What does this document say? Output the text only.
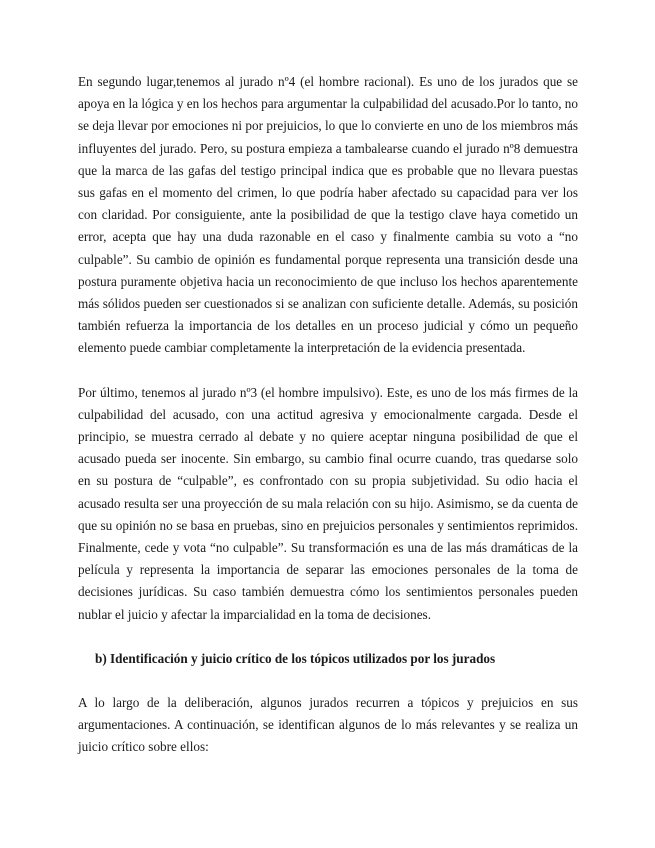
En segundo lugar,tenemos al jurado nº4 (el hombre racional). Es uno de los jurados que se apoya en la lógica y en los hechos para argumentar la culpabilidad del acusado.Por lo tanto, no se deja llevar por emociones ni por prejuicios, lo que lo convierte en uno de los miembros más influyentes del jurado. Pero, su postura empieza a tambalearse cuando el jurado nº8 demuestra que la marca de las gafas del testigo principal indica que es probable que no llevara puestas sus gafas en el momento del crimen, lo que podría haber afectado su capacidad para ver los con claridad. Por consiguiente, ante la posibilidad de que la testigo clave haya cometido un error, acepta que hay una duda razonable en el caso y finalmente cambia su voto a “no culpable”. Su cambio de opinión es fundamental porque representa una transición desde una postura puramente objetiva hacia un reconocimiento de que incluso los hechos aparentemente más sólidos pueden ser cuestionados si se analizan con suficiente detalle. Además, su posición también refuerza la importancia de los detalles en un proceso judicial y cómo un pequeño elemento puede cambiar completamente la interpretación de la evidencia presentada.

Por último, tenemos al jurado nº3 (el hombre impulsivo). Este, es uno de los más firmes de la culpabilidad del acusado, con una actitud agresiva y emocionalmente cargada. Desde el principio, se muestra cerrado al debate y no quiere aceptar ninguna posibilidad de que el acusado pueda ser inocente. Sin embargo, su cambio final ocurre cuando, tras quedarse solo en su postura de “culpable”, es confrontado con su propia subjetividad. Su odio hacia el acusado resulta ser una proyección de su mala relación con su hijo. Asimismo, se da cuenta de que su opinión no se basa en pruebas, sino en prejuicios personales y sentimientos reprimidos. Finalmente, cede y vota “no culpable”. Su transformación es una de las más dramáticas de la película y representa la importancia de separar las emociones personales de la toma de decisiones jurídicas. Su caso también demuestra cómo los sentimientos personales pueden nublar el juicio y afectar la imparcialidad en la toma de decisiones.

b) Identificación y juicio crítico de los tópicos utilizados por los jurados

A lo largo de la deliberación, algunos jurados recurren a tópicos y prejuicios en sus argumentaciones. A continuación, se identifican algunos de lo más relevantes y se realiza un juicio crítico sobre ellos:
